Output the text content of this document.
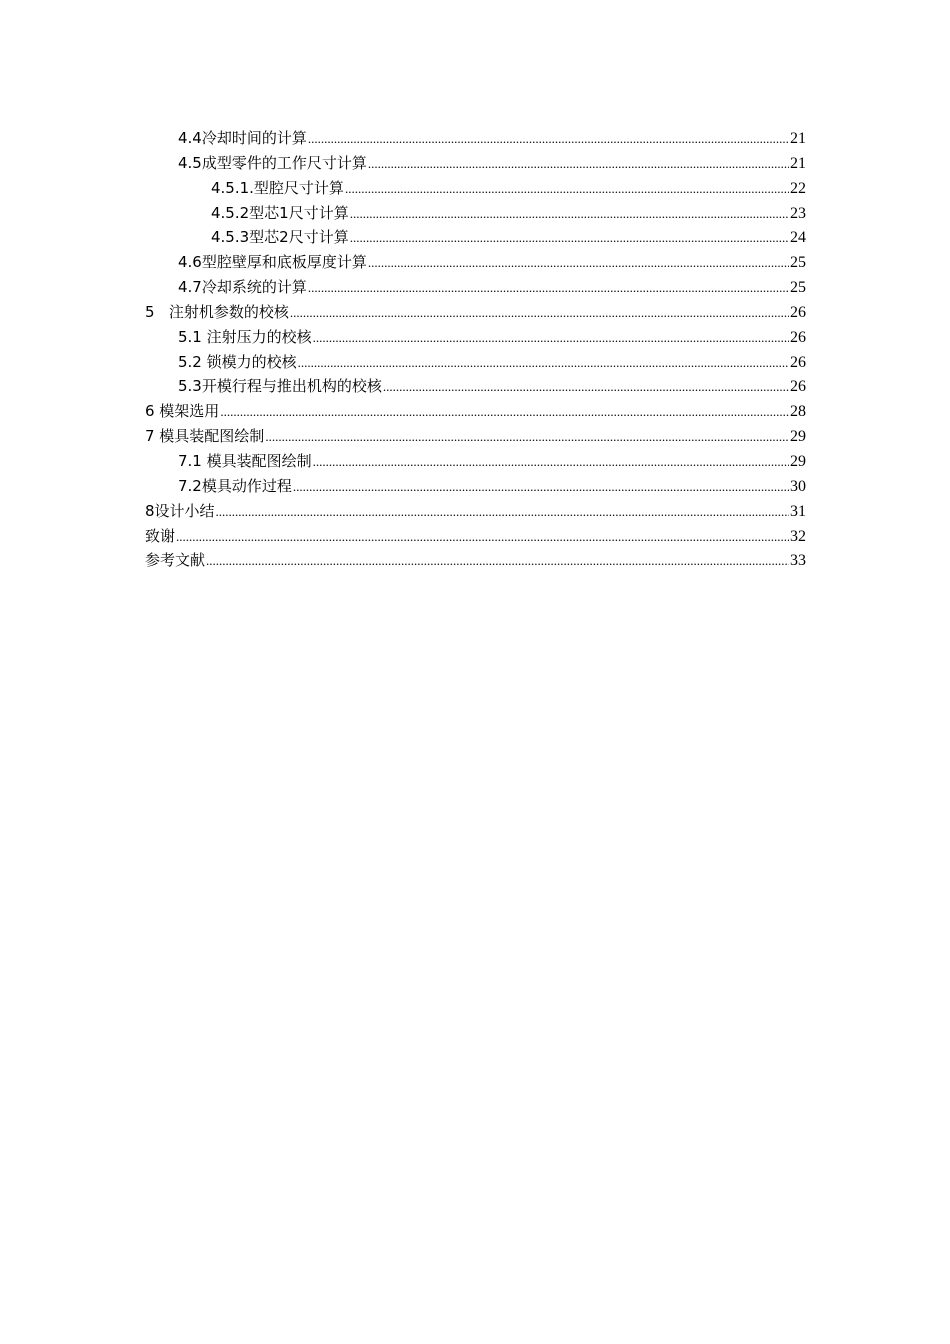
4.4冷却时间的计算 .....	21
4.5成型零件的工作尺寸计算 .....	21
4.5.1.型腔尺寸计算 .....	22
4.5.2型芯1尺寸计算 .....	23
4.5.3型芯2尺寸计算 .....	24
4.6型腔壁厚和底板厚度计算 .....	25
4.7冷却系统的计算 .....	25
5   注射机参数的校核 .....	26
5.1 注射压力的校核 .....	26
5.2 锁模力的校核 .....	26
5.3开模行程与推出机构的校核 .....	26
6 模架选用 .....	28
7 模具装配图绘制 .....	29
7.1 模具装配图绘制 .....	29
7.2模具动作过程 .....	30
8设计小结 .....	31
致谢 .....	32
参考文献 .....	33
